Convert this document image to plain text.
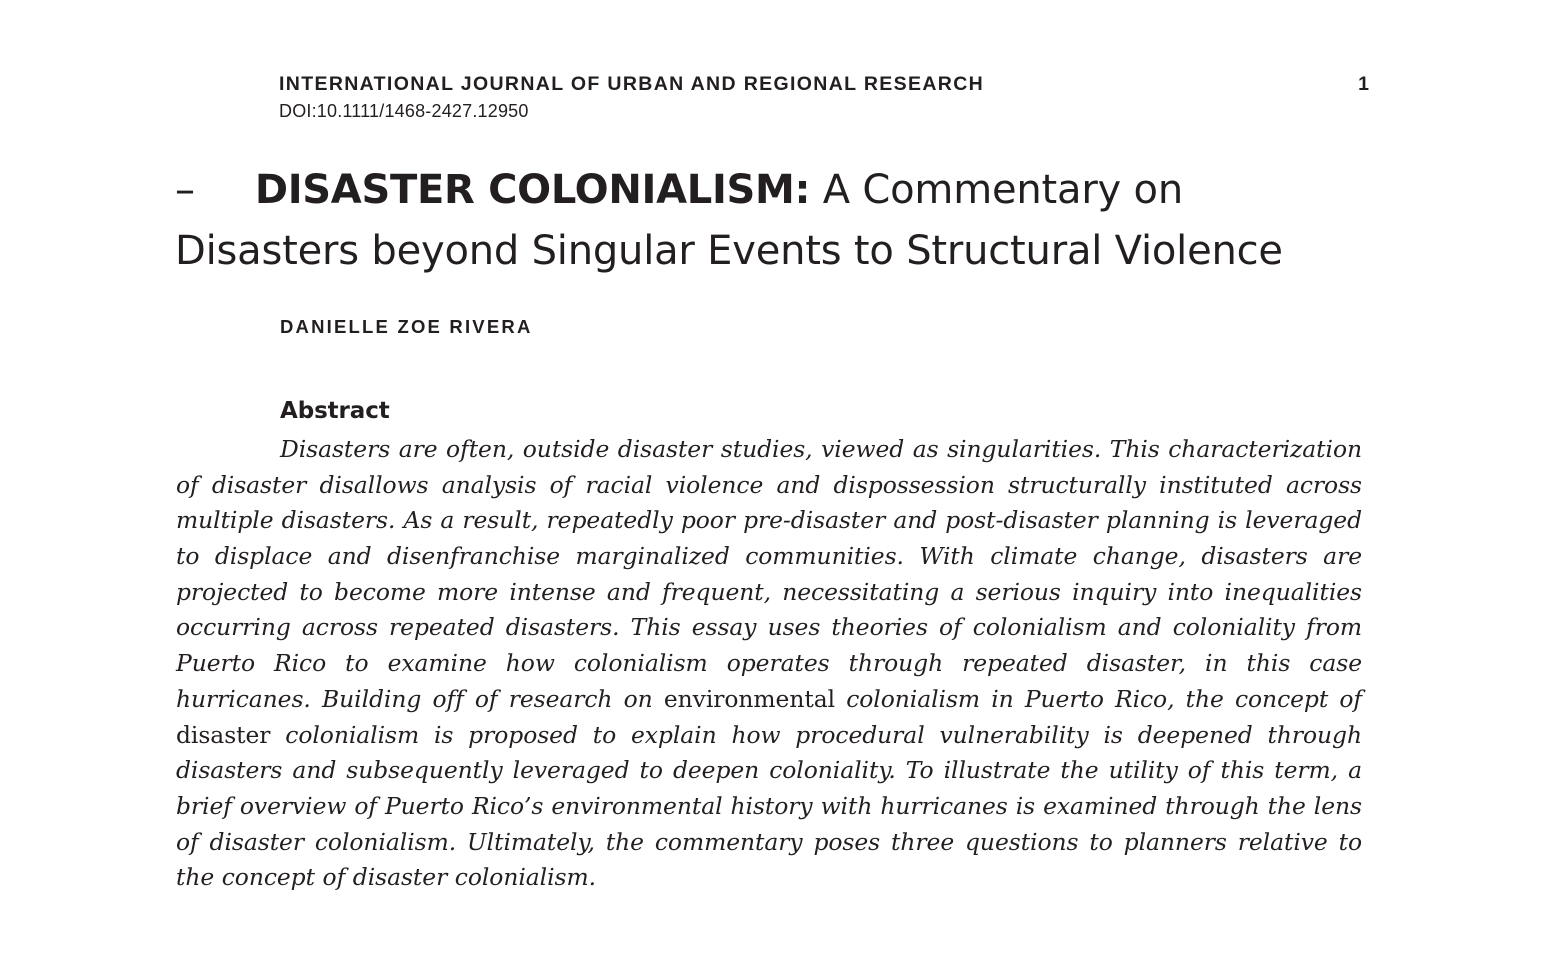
INTERNATIONAL JOURNAL OF URBAN AND REGIONAL RESEARCH
DOI:10.1111/1468-2427.12950
1
– DISASTER COLONIALISM: A Commentary on Disasters beyond Singular Events to Structural Violence
DANIELLE ZOE RIVERA
Abstract

Disasters are often, outside disaster studies, viewed as singularities. This characterization of disaster disallows analysis of racial violence and dispossession structurally instituted across multiple disasters. As a result, repeatedly poor pre-disaster and post-disaster planning is leveraged to displace and disenfranchise marginalized communities. With climate change, disasters are projected to become more intense and frequent, necessitating a serious inquiry into inequalities occurring across repeated disasters. This essay uses theories of colonialism and coloniality from Puerto Rico to examine how colonialism operates through repeated disaster, in this case hurricanes. Building off of research on environmental colonialism in Puerto Rico, the concept of disaster colonialism is proposed to explain how procedural vulnerability is deepened through disasters and subsequently leveraged to deepen coloniality. To illustrate the utility of this term, a brief overview of Puerto Rico’s environmental history with hurricanes is examined through the lens of disaster colonialism. Ultimately, the commentary poses three questions to planners relative to the concept of disaster colonialism.
